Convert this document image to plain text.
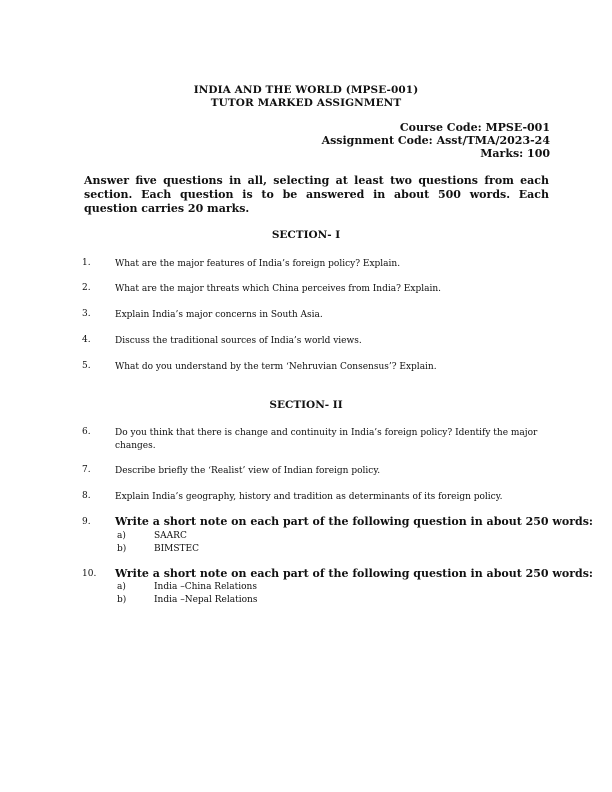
INDIA AND THE WORLD (MPSE-001)
TUTOR MARKED ASSIGNMENT
Course Code: MPSE-001
Assignment Code: Asst/TMA/2023-24
Marks: 100
Answer five questions in all, selecting at least two questions from each section. Each question is to be answered in about 500 words. Each question carries 20 marks.
SECTION- I
1.	What are the major features of India’s foreign policy? Explain.
2.	What are the major threats which China perceives from India? Explain.
3.	Explain India’s major concerns in South Asia.
4.	Discuss the traditional sources of India’s world views.
5.	What do you understand by the term ‘Nehruvian Consensus’? Explain.
SECTION- II
6.	Do you think that there is change and continuity in India’s foreign policy? Identify the major changes.
7.	Describe briefly the ‘Realist’ view of Indian foreign policy.
8.	Explain India’s geography, history and tradition as determinants of its foreign policy.
9. Write a short note on each part of the following question in about 250 words:
a)	SAARC
b)	BIMSTEC
10. Write a short note on each part of the following question in about 250 words:
a)	India –China Relations
b)	India –Nepal Relations
